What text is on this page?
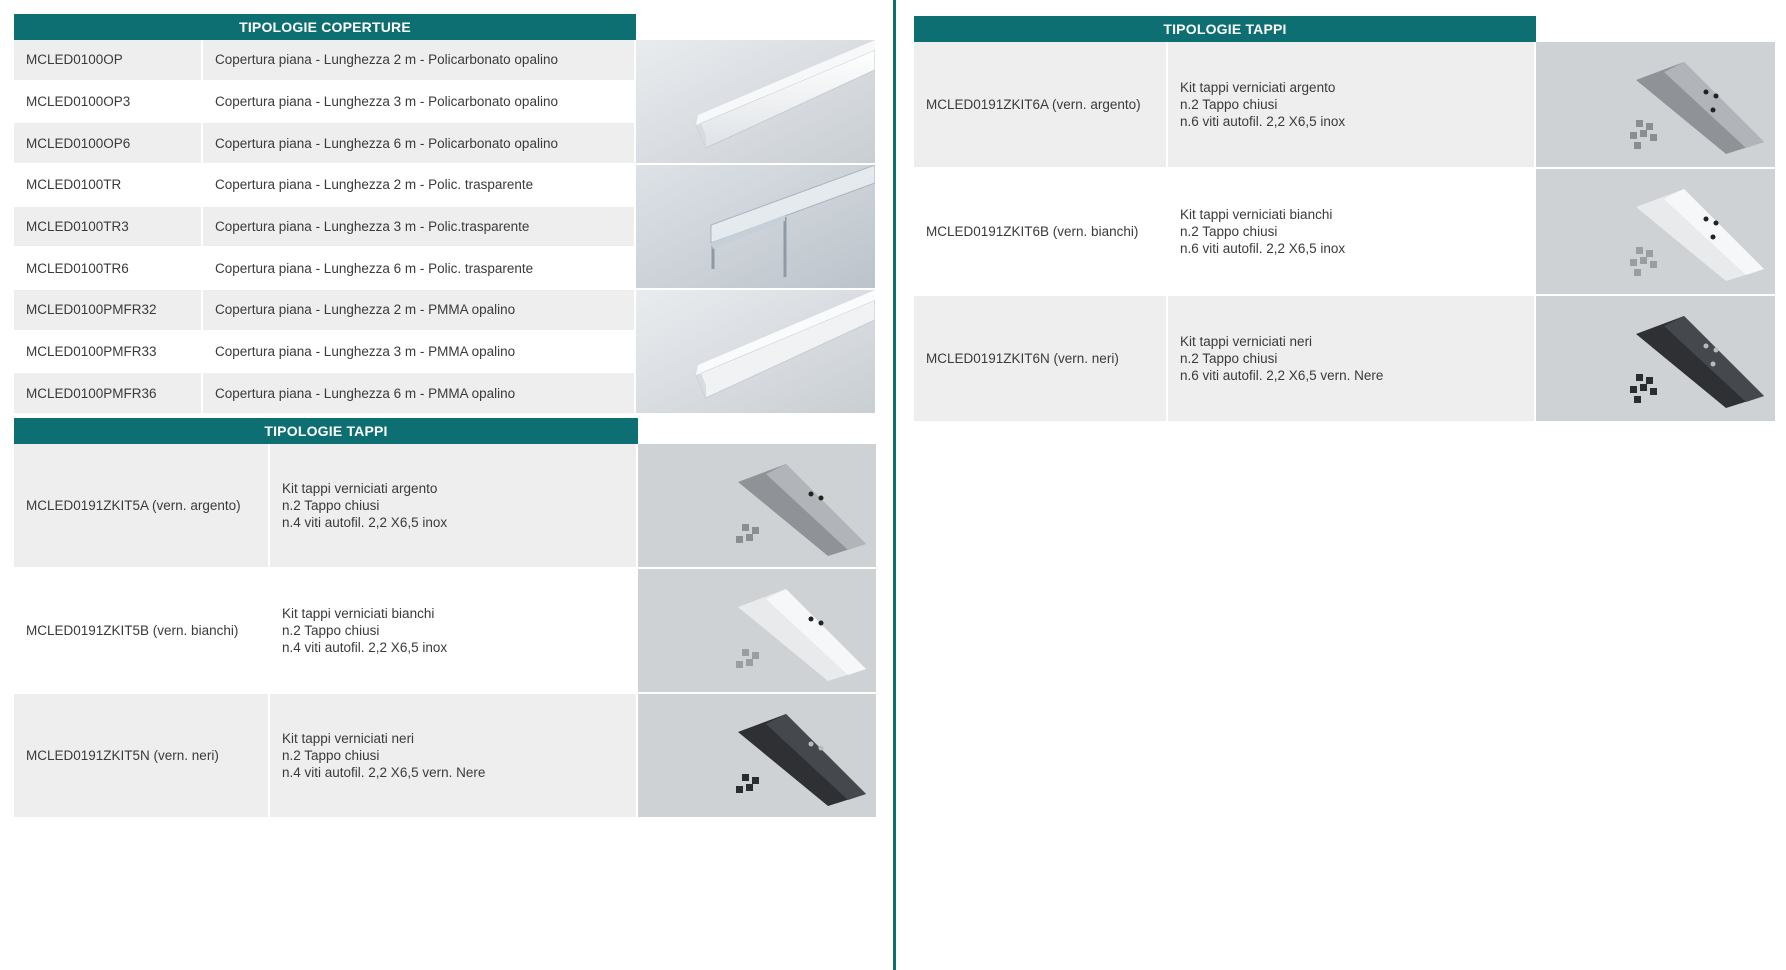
TIPOLOGIE COPERTURE
MCLED0100OP	Copertura piana - Lunghezza 2 m - Policarbonato opalino	

MCLED0100OP3	Copertura piana - Lunghezza 3 m - Policarbonato opalino	
MCLED0100OP6	Copertura piana - Lunghezza 6 m - Policarbonato opalino	
MCLED0100TR	Copertura piana - Lunghezza 2 m - Polic. trasparente	

MCLED0100TR3	Copertura piana - Lunghezza 3 m - Polic.trasparente	
MCLED0100TR6	Copertura piana - Lunghezza 6 m - Polic. trasparente	
MCLED0100PMFR32	Copertura piana - Lunghezza 2 m - PMMA opalino	

MCLED0100PMFR33	Copertura piana - Lunghezza 3 m - PMMA opalino	
MCLED0100PMFR36	Copertura piana - Lunghezza 6 m - PMMA opalino	
TIPOLOGIE TAPPI
MCLED0191ZKIT5A (vern. argento)	Kit tappi verniciati argento
n.2 Tappo chiusi
n.4 viti autofil. 2,2 X6,5 inox

MCLED0191ZKIT5B (vern. bianchi)	Kit tappi verniciati bianchi
n.2 Tappo chiusi
n.4 viti autofil. 2,2 X6,5 inox

MCLED0191ZKIT5N (vern. neri)	Kit tappi verniciati neri
n.2 Tappo chiusi
n.4 viti autofil. 2,2 X6,5 vern. Nere

TIPOLOGIE TAPPI
MCLED0191ZKIT6A (vern. argento)	Kit tappi verniciati argento
n.2 Tappo chiusi
n.6 viti autofil. 2,2 X6,5 inox

MCLED0191ZKIT6B (vern. bianchi)	Kit tappi verniciati bianchi
n.2 Tappo chiusi
n.6 viti autofil. 2,2 X6,5 inox

MCLED0191ZKIT6N (vern. neri)	Kit tappi verniciati neri
n.2 Tappo chiusi
n.6 viti autofil. 2,2 X6,5 vern. Nere
